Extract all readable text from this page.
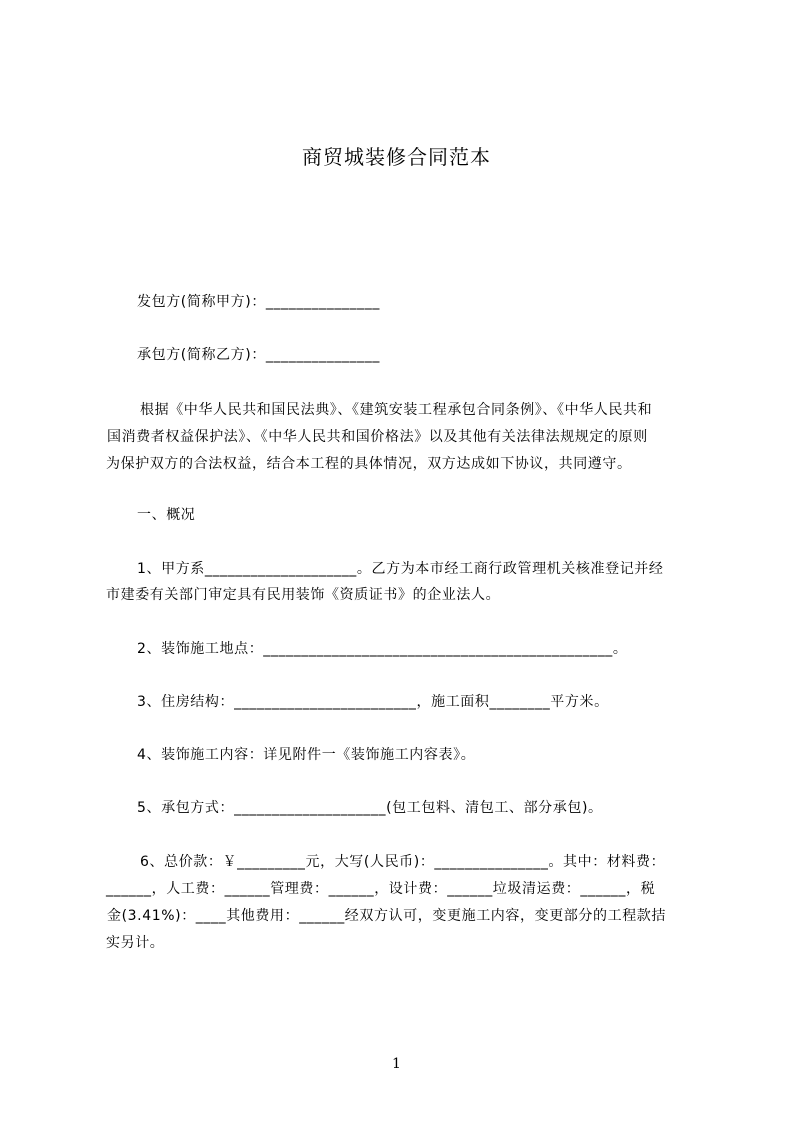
商贸城装修合同范本
发包方(简称甲方)：_______________
承包方(简称乙方)：_______________
根据《中华人民共和国民法典》、《建筑安装工程承包合同条例》、《中华人民共和
国消费者权益保护法》、《中华人民共和国价格法》以及其他有关法律法规规定的原则
为保护双方的合法权益，结合本工程的具体情况，双方达成如下协议，共同遵守。
一、概况
1、甲方系____________________。乙方为本市经工商行政管理机关核准登记并经
市建委有关部门审定具有民用装饰《资质证书》的企业法人。
2、装饰施工地点：______________________________________________。
3、住房结构：________________________，施工面积________平方米。
4、装饰施工内容：详见附件一《装饰施工内容表》。
5、承包方式：____________________(包工包料、清包工、部分承包)。
6、总价款：￥_________元，大写(人民币)：_______________。其中：材料费：
______，人工费：______管理费：______，设计费：______垃圾清运费：______，税
金(3.41%)：____其他费用：______经双方认可，变更施工内容，变更部分的工程款拮
实另计。
1
